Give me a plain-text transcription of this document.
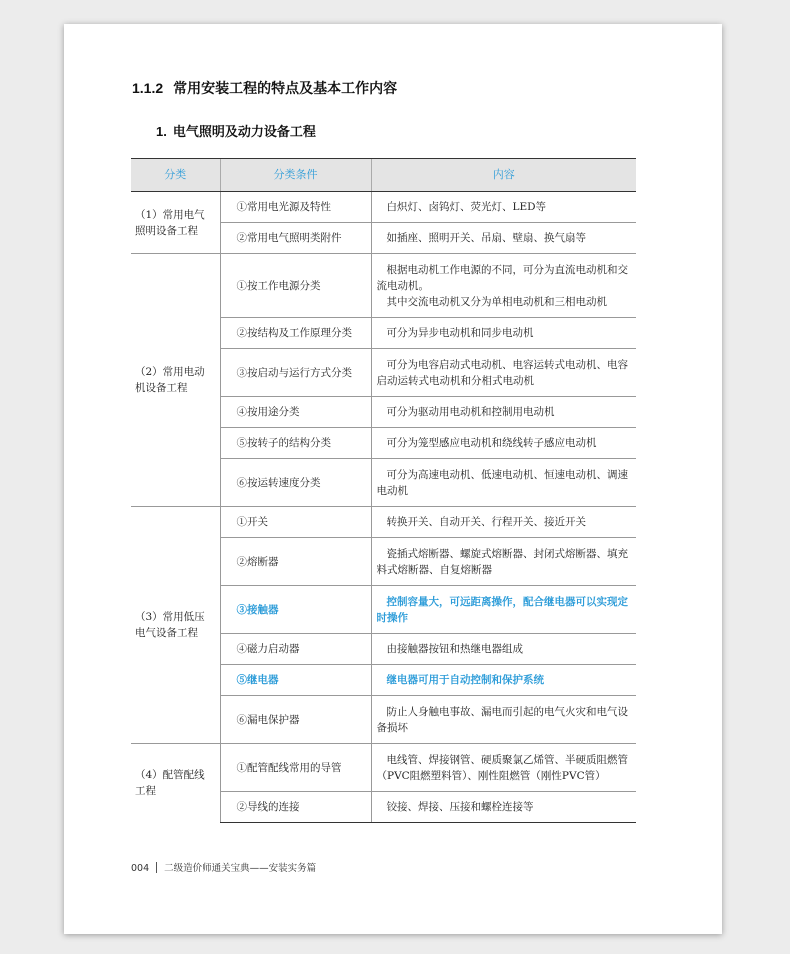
1.1.2 常用安装工程的特点及基本工作内容
1. 电气照明及动力设备工程
分类	分类条件	内容
（1）常用电气照明设备工程	①常用电光源及特性	白炽灯、卤钨灯、荧光灯、LED等

	②常用电气照明类附件	如插座、照明开关、吊扇、壁扇、换气扇等

（2）常用电动机设备工程	①按工作电源分类	根据电动机工作电源的不同，可分为直流电动机和交流电动机。
其中交流电动机又分为单相电动机和三相电动机

	②按结构及工作原理分类	可分为异步电动机和同步电动机

	③按启动与运行方式分类	可分为电容启动式电动机、电容运转式电动机、电容启动运转式电动机和分相式电动机

	④按用途分类	可分为驱动用电动机和控制用电动机

	⑤按转子的结构分类	可分为笼型感应电动机和绕线转子感应电动机

	⑥按运转速度分类	可分为高速电动机、低速电动机、恒速电动机、调速电动机

（3）常用低压电气设备工程	①开关	转换开关、自动开关、行程开关、接近开关

	②熔断器	瓷插式熔断器、螺旋式熔断器、封闭式熔断器、填充料式熔断器、自复熔断器

	③接触器	控制容量大，可远距离操作，配合继电器可以实现定时操作

	④磁力启动器	由接触器按钮和热继电器组成

	⑤继电器	继电器可用于自动控制和保护系统

	⑥漏电保护器	防止人身触电事故、漏电而引起的电气火灾和电气设备损坏

（4）配管配线工程	①配管配线常用的导管	电线管、焊接钢管、硬质聚氯乙烯管、半硬质阻燃管（PVC阻燃塑料管）、刚性阻燃管（刚性PVC管）

	②导线的连接	铰接、焊接、压接和螺栓连接等
004 二级造价师通关宝典——安装实务篇
